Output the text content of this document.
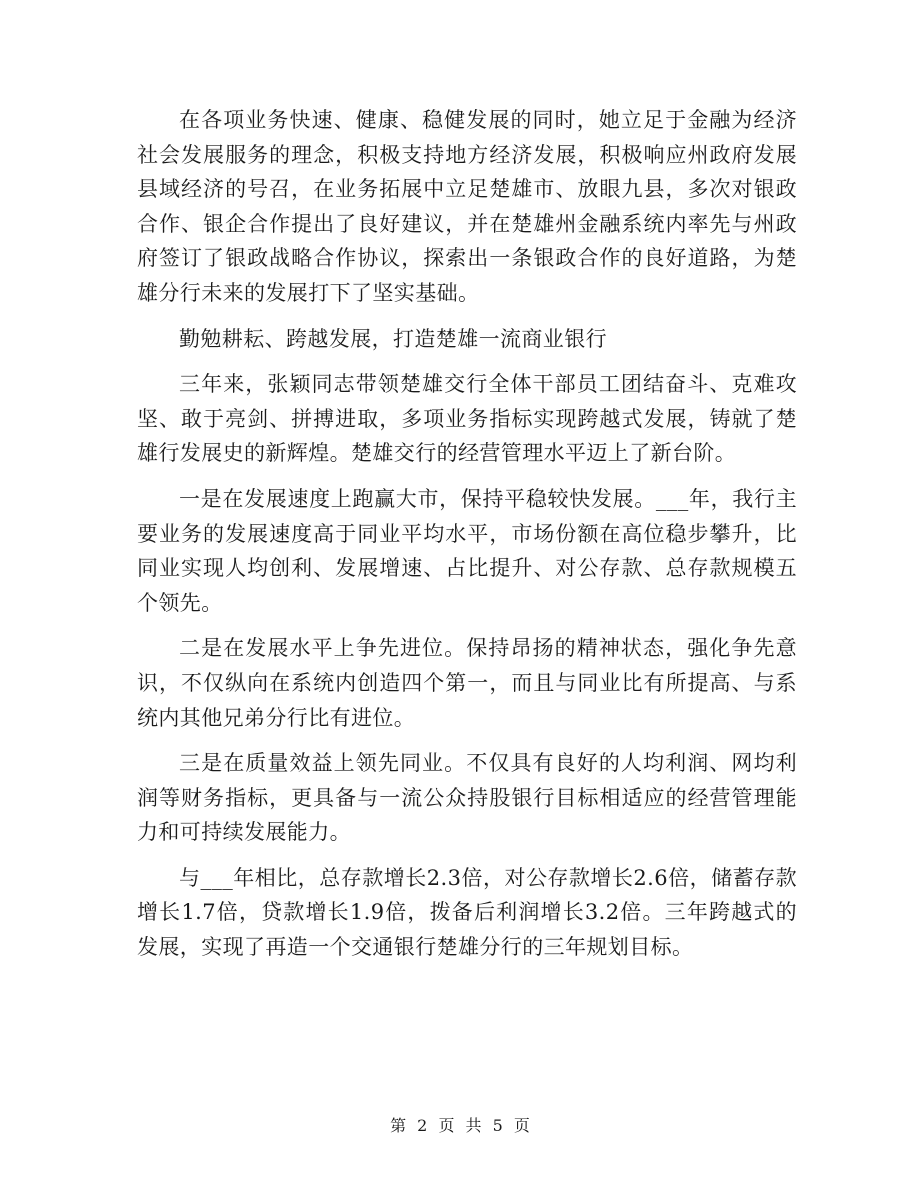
在各项业务快速、健康、稳健发展的同时，她立足于金融为经济社会发展服务的理念，积极支持地方经济发展，积极响应州政府发展县域经济的号召，在业务拓展中立足楚雄市、放眼九县，多次对银政合作、银企合作提出了良好建议，并在楚雄州金融系统内率先与州政府签订了银政战略合作协议，探索出一条银政合作的良好道路，为楚雄分行未来的发展打下了坚实基础。

勤勉耕耘、跨越发展，打造楚雄一流商业银行

三年来，张颖同志带领楚雄交行全体干部员工团结奋斗、克难攻坚、敢于亮剑、拼搏进取，多项业务指标实现跨越式发展，铸就了楚雄行发展史的新辉煌。楚雄交行的经营管理水平迈上了新台阶。

一是在发展速度上跑赢大市，保持平稳较快发展。___年，我行主要业务的发展速度高于同业平均水平，市场份额在高位稳步攀升，比同业实现人均创利、发展增速、占比提升、对公存款、总存款规模五个领先。

二是在发展水平上争先进位。保持昂扬的精神状态，强化争先意识，不仅纵向在系统内创造四个第一，而且与同业比有所提高、与系统内其他兄弟分行比有进位。

三是在质量效益上领先同业。不仅具有良好的人均利润、网均利润等财务指标，更具备与一流公众持股银行目标相适应的经营管理能力和可持续发展能力。

与___年相比，总存款增长2.3倍，对公存款增长2.6倍，储蓄存款增长1.7倍，贷款增长1.9倍，拨备后利润增长3.2倍。三年跨越式的发展，实现了再造一个交通银行楚雄分行的三年规划目标。

第 2 页 共 5 页
